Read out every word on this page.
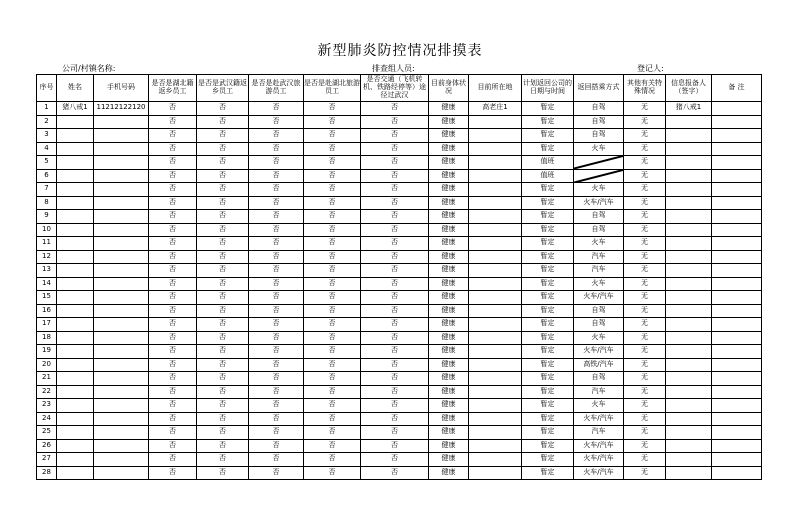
新型肺炎防控情况排摸表
公司/村镇名称:	排查组人员:	登记人:
序号	姓名	手机号码	是否是湖北籍返乡员工	是否是武汉籍返乡员工	是否是赴武汉旅游员工	是否是赴湖北旅游员工	是否交通（飞机转机、铁路经停等）途径过武汉	目前身体状况	目前所在地	计划返回公司的日期与时间	返回搭乘方式	其他有关特殊情况	信息报备人（签字）	备 注
1	猪八戒1	11212122120	否	否	否	否	否	健康	高老庄1	暂定	自驾	无	猪八戒1	
2			否	否	否	否	否	健康		暂定	自驾	无		
3			否	否	否	否	否	健康		暂定	自驾	无		
4			否	否	否	否	否	健康		暂定	火车	无		
5			否	否	否	否	否	健康		值班		无		
6			否	否	否	否	否	健康		值班		无		
7			否	否	否	否	否	健康		暂定	火车	无		
8			否	否	否	否	否	健康		暂定	火车/汽车	无		
9			否	否	否	否	否	健康		暂定	自驾	无		
10			否	否	否	否	否	健康		暂定	自驾	无		
11			否	否	否	否	否	健康		暂定	火车	无		
12			否	否	否	否	否	健康		暂定	汽车	无		
13			否	否	否	否	否	健康		暂定	汽车	无		
14			否	否	否	否	否	健康		暂定	火车	无		
15			否	否	否	否	否	健康		暂定	火车/汽车	无		
16			否	否	否	否	否	健康		暂定	自驾	无		
17			否	否	否	否	否	健康		暂定	自驾	无		
18			否	否	否	否	否	健康		暂定	火车	无		
19			否	否	否	否	否	健康		暂定	火车/汽车	无		
20			否	否	否	否	否	健康		暂定	高铁/汽车	无		
21			否	否	否	否	否	健康		暂定	自驾	无		
22			否	否	否	否	否	健康		暂定	汽车	无		
23			否	否	否	否	否	健康		暂定	火车	无		
24			否	否	否	否	否	健康		暂定	火车/汽车	无		
25			否	否	否	否	否	健康		暂定	汽车	无		
26			否	否	否	否	否	健康		暂定	火车/汽车	无		
27			否	否	否	否	否	健康		暂定	火车/汽车	无		
28			否	否	否	否	否	健康		暂定	火车/汽车	无		
